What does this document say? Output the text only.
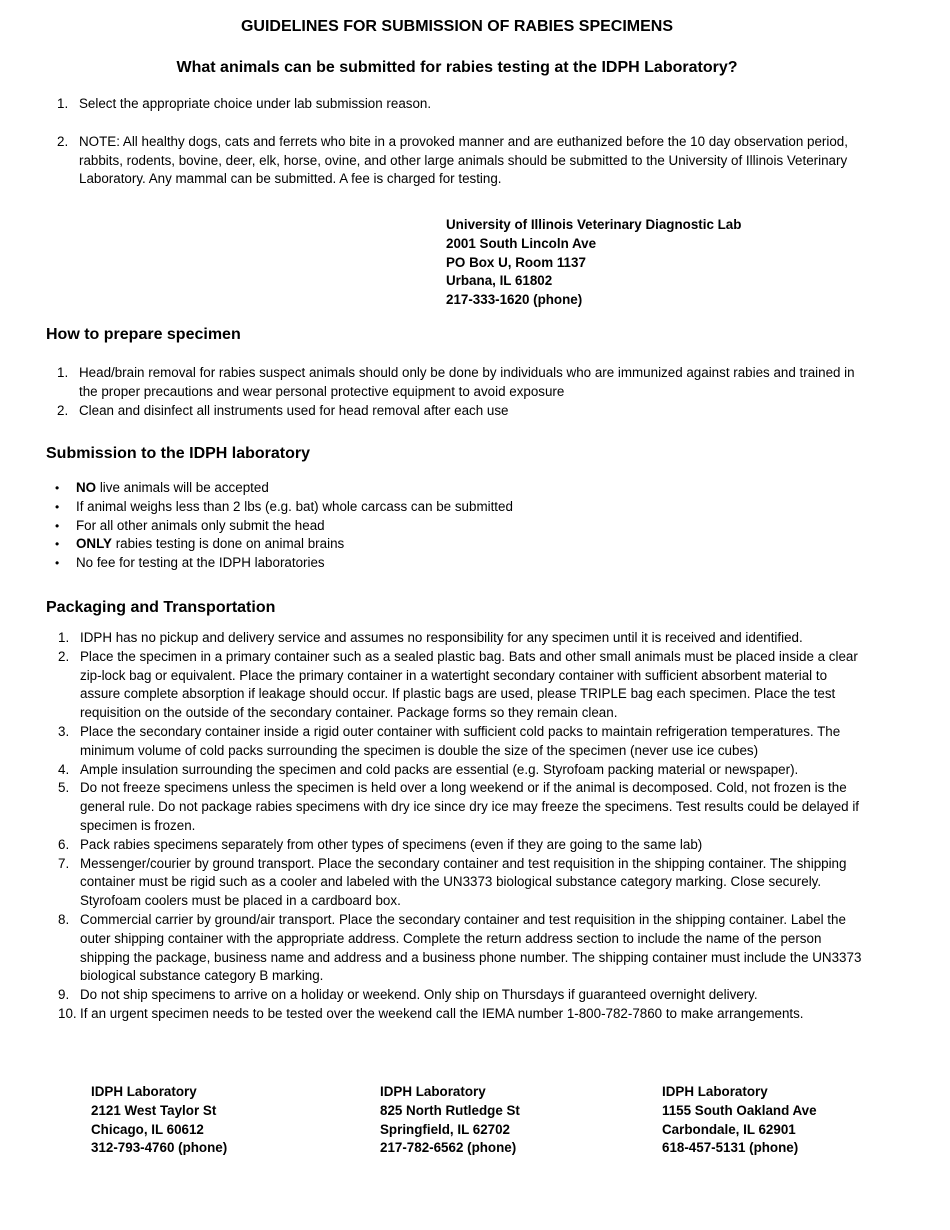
GUIDELINES FOR SUBMISSION OF RABIES SPECIMENS
What animals can be submitted for rabies testing at the IDPH Laboratory?
1. Select the appropriate choice under lab submission reason.
2. NOTE: All healthy dogs, cats and ferrets who bite in a provoked manner and are euthanized before the 10 day observation period, rabbits, rodents, bovine, deer, elk, horse, ovine, and other large animals should be submitted to the University of Illinois Veterinary Laboratory. Any mammal can be submitted. A fee is charged for testing.
University of Illinois Veterinary Diagnostic Lab
2001 South Lincoln Ave
PO Box U, Room 1137
Urbana, IL 61802
217-333-1620 (phone)
How to prepare specimen
1. Head/brain removal for rabies suspect animals should only be done by individuals who are immunized against rabies and trained in the proper precautions and wear personal protective equipment to avoid exposure
2. Clean and disinfect all instruments used for head removal after each use
Submission to the IDPH laboratory
• NO live animals will be accepted
• If animal weighs less than 2 lbs (e.g. bat) whole carcass can be submitted
• For all other animals only submit the head
• ONLY rabies testing is done on animal brains
• No fee for testing at the IDPH laboratories
Packaging and Transportation
1. IDPH has no pickup and delivery service and assumes no responsibility for any specimen until it is received and identified.
2. Place the specimen in a primary container such as a sealed plastic bag. Bats and other small animals must be placed inside a clear zip-lock bag or equivalent. Place the primary container in a watertight secondary container with sufficient absorbent material to assure complete absorption if leakage should occur. If plastic bags are used, please TRIPLE bag each specimen. Place the test requisition on the outside of the secondary container. Package forms so they remain clean.
3. Place the secondary container inside a rigid outer container with sufficient cold packs to maintain refrigeration temperatures. The minimum volume of cold packs surrounding the specimen is double the size of the specimen (never use ice cubes)
4. Ample insulation surrounding the specimen and cold packs are essential (e.g. Styrofoam packing material or newspaper).
5. Do not freeze specimens unless the specimen is held over a long weekend or if the animal is decomposed. Cold, not frozen is the general rule. Do not package rabies specimens with dry ice since dry ice may freeze the specimens. Test results could be delayed if specimen is frozen.
6. Pack rabies specimens separately from other types of specimens (even if they are going to the same lab)
7. Messenger/courier by ground transport. Place the secondary container and test requisition in the shipping container. The shipping container must be rigid such as a cooler and labeled with the UN3373 biological substance category marking. Close securely. Styrofoam coolers must be placed in a cardboard box.
8. Commercial carrier by ground/air transport. Place the secondary container and test requisition in the shipping container. Label the outer shipping container with the appropriate address. Complete the return address section to include the name of the person shipping the package, business name and address and a business phone number. The shipping container must include the UN3373 biological substance category B marking.
9. Do not ship specimens to arrive on a holiday or weekend. Only ship on Thursdays if guaranteed overnight delivery.
10. If an urgent specimen needs to be tested over the weekend call the IEMA number 1-800-782-7860 to make arrangements.
IDPH Laboratory
2121 West Taylor St
Chicago, IL 60612
312-793-4760 (phone)
IDPH Laboratory
825 North Rutledge St
Springfield, IL 62702
217-782-6562 (phone)
IDPH Laboratory
1155 South Oakland Ave
Carbondale, IL 62901
618-457-5131 (phone)
